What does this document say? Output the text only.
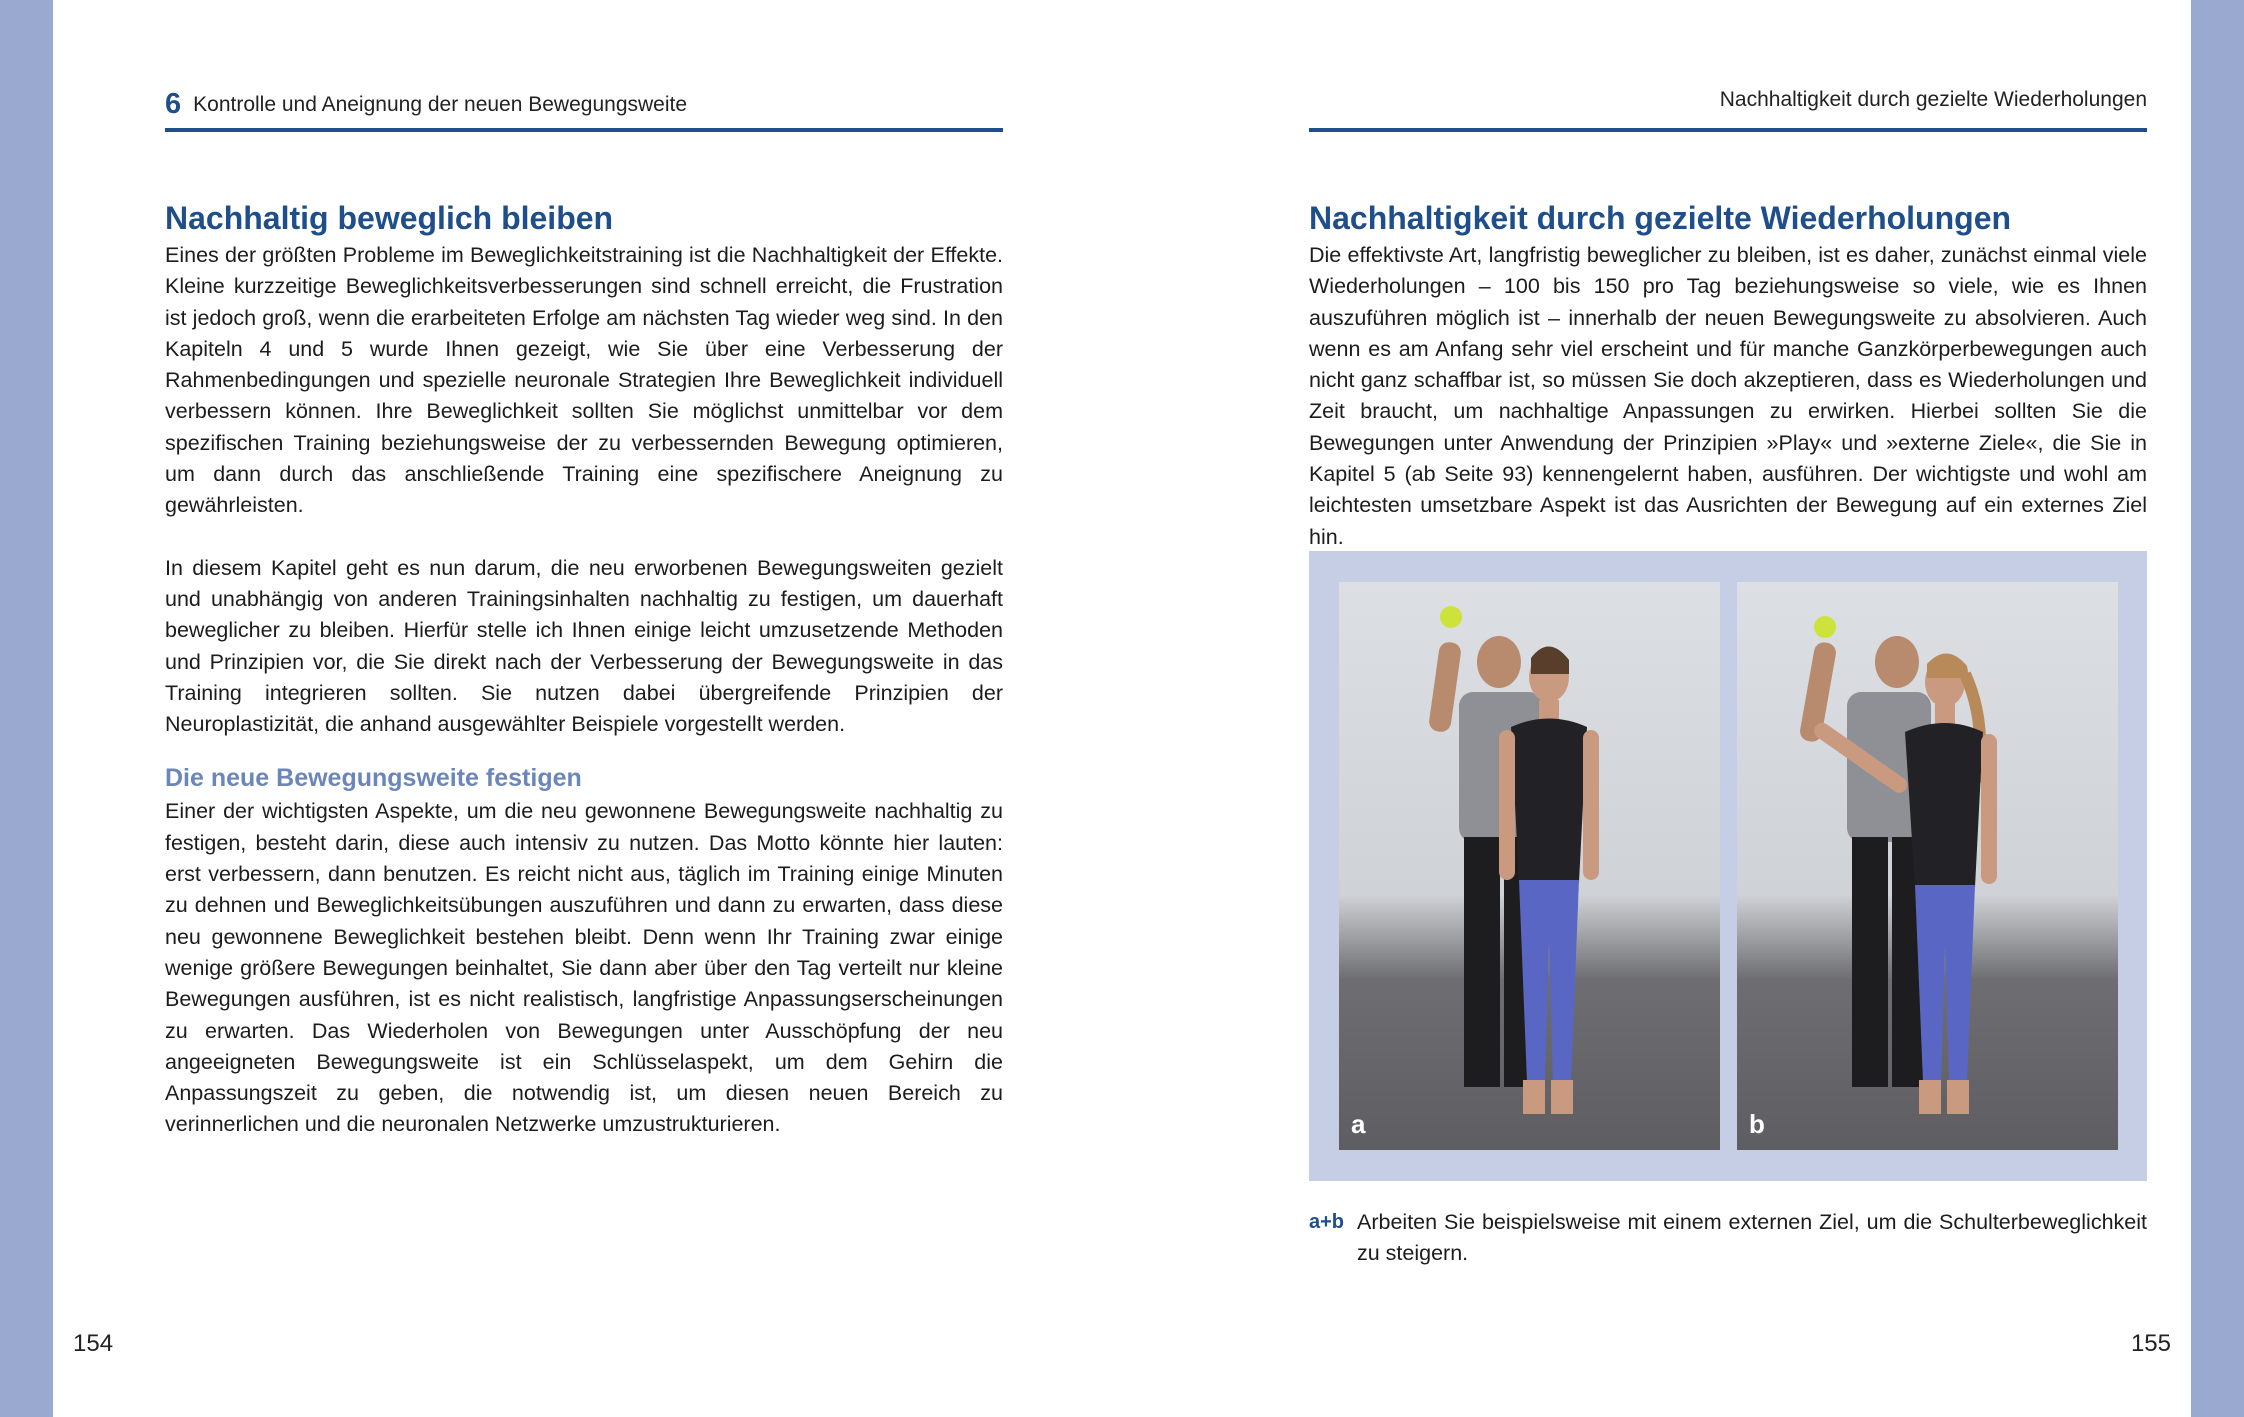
6 Kontrolle und Aneignung der neuen Bewegungsweite
Nachhaltig beweglich bleiben

Eines der größten Probleme im Beweglichkeitstraining ist die Nachhaltigkeit der Effekte. Kleine kurzzeitige Beweglichkeitsverbesserungen sind schnell erreicht, die Frustration ist jedoch groß, wenn die erarbeiteten Erfolge am nächsten Tag wieder weg sind. In den Kapiteln 4 und 5 wurde Ihnen gezeigt, wie Sie über eine Verbesserung der Rahmenbedingungen und spezielle neuronale Strategien Ihre Beweglichkeit individuell verbessern können. Ihre Beweglichkeit sollten Sie möglichst unmittelbar vor dem spezifischen Training beziehungsweise der zu verbessernden Bewegung optimieren, um dann durch das anschließende Training eine spezifischere Aneignung zu gewährleisten.

In diesem Kapitel geht es nun darum, die neu erworbenen Bewegungsweiten gezielt und unabhängig von anderen Trainingsinhalten nachhaltig zu festigen, um dauerhaft beweglicher zu bleiben. Hierfür stelle ich Ihnen einige leicht umzusetzende Methoden und Prinzipien vor, die Sie direkt nach der Verbesserung der Bewegungsweite in das Training integrieren sollten. Sie nutzen dabei übergreifende Prinzipien der Neuroplastizität, die anhand ausgewählter Beispiele vorgestellt werden.

Die neue Bewegungsweite festigen

Einer der wichtigsten Aspekte, um die neu gewonnene Bewegungsweite nachhaltig zu festigen, besteht darin, diese auch intensiv zu nutzen. Das Motto könnte hier lauten: erst verbessern, dann benutzen. Es reicht nicht aus, täglich im Training einige Minuten zu dehnen und Beweglichkeitsübungen auszuführen und dann zu erwarten, dass diese neu gewonnene Beweglichkeit bestehen bleibt. Denn wenn Ihr Training zwar einige wenige größere Bewegungen beinhaltet, Sie dann aber über den Tag verteilt nur kleine Bewegungen ausführen, ist es nicht realistisch, langfristige Anpassungserscheinungen zu erwarten. Das Wiederholen von Bewegungen unter Ausschöpfung der neu angeeigneten Bewegungsweite ist ein Schlüsselaspekt, um dem Gehirn die Anpassungszeit zu geben, die notwendig ist, um diesen neuen Bereich zu verinnerlichen und die neuronalen Netzwerke umzustrukturieren.

154
Nachhaltigkeit durch gezielte Wiederholungen
Nachhaltigkeit durch gezielte Wiederholungen

Die effektivste Art, langfristig beweglicher zu bleiben, ist es daher, zunächst einmal viele Wiederholungen – 100 bis 150 pro Tag beziehungsweise so viele, wie es Ihnen auszuführen möglich ist – innerhalb der neuen Bewegungsweite zu absolvieren. Auch wenn es am Anfang sehr viel erscheint und für manche Ganzkörperbewegungen auch nicht ganz schaffbar ist, so müssen Sie doch akzeptieren, dass es Wiederholungen und Zeit braucht, um nachhaltige Anpassungen zu erwirken. Hierbei sollten Sie die Bewegungen unter Anwendung der Prinzipien »Play« und »externe Ziele«, die Sie in Kapitel 5 (ab Seite 93) kennengelernt haben, ausführen. Der wichtigste und wohl am leichtesten umsetzbare Aspekt ist das Ausrichten der Bewegung auf ein externes Ziel hin.

a	b
a+b Arbeiten Sie beispielsweise mit einem externen Ziel, um die Schulterbeweglichkeit zu steigern.
155
